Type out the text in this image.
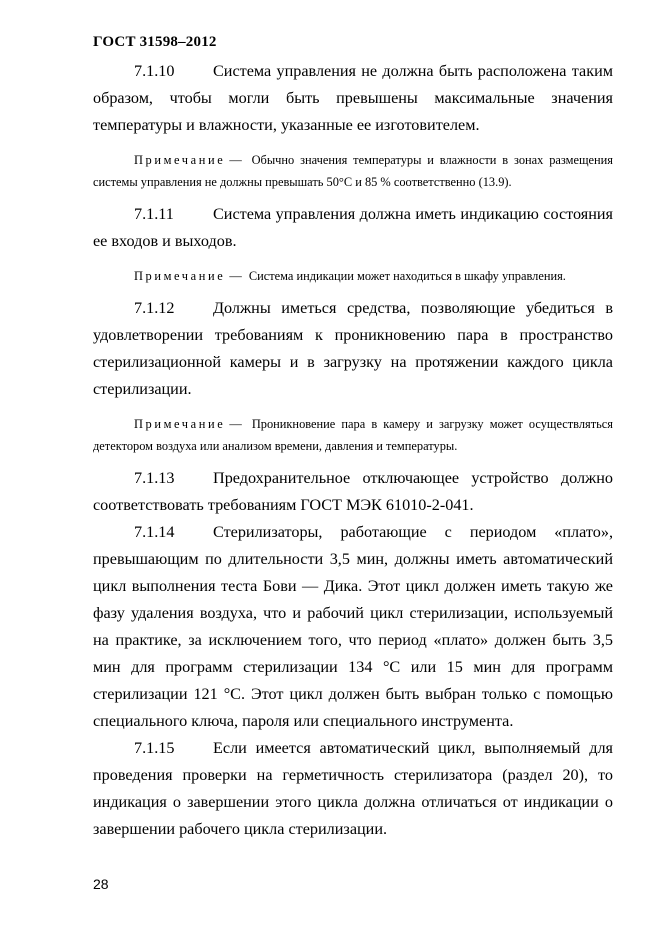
ГОСТ 31598–2012

7.1.10 Система управления не должна быть расположена таким образом, чтобы могли быть превышены максимальные значения температуры и влажности, указанные ее изготовителем.

Примечание — Обычно значения температуры и влажности в зонах размещения системы управления не должны превышать 50°С и 85 % соответственно (13.9).

7.1.11 Система управления должна иметь индикацию состояния ее входов и выходов.

Примечание — Система индикации может находиться в шкафу управления.

7.1.12 Должны иметься средства, позволяющие убедиться в удовлетворении требованиям к проникновению пара в пространство стерилизационной камеры и в загрузку на протяжении каждого цикла стерилизации.

Примечание — Проникновение пара в камеру и загрузку может осуществляться детектором воздуха или анализом времени, давления и температуры.

7.1.13 Предохранительное отключающее устройство должно соответствовать требованиям ГОСТ МЭК 61010-2-041.

7.1.14 Стерилизаторы, работающие с периодом «плато», превышающим по длительности 3,5 мин, должны иметь автоматический цикл выполнения теста Бови — Дика. Этот цикл должен иметь такую же фазу удаления воздуха, что и рабочий цикл стерилизации, используемый на практике, за исключением того, что период «плато» должен быть 3,5 мин для программ стерилизации 134 °С или 15 мин для программ стерилизации 121 °С. Этот цикл должен быть выбран только с помощью специального ключа, пароля или специального инструмента.

7.1.15 Если имеется автоматический цикл, выполняемый для проведения проверки на герметичность стерилизатора (раздел 20), то индикация о завершении этого цикла должна отличаться от индикации о завершении рабочего цикла стерилизации.

28
